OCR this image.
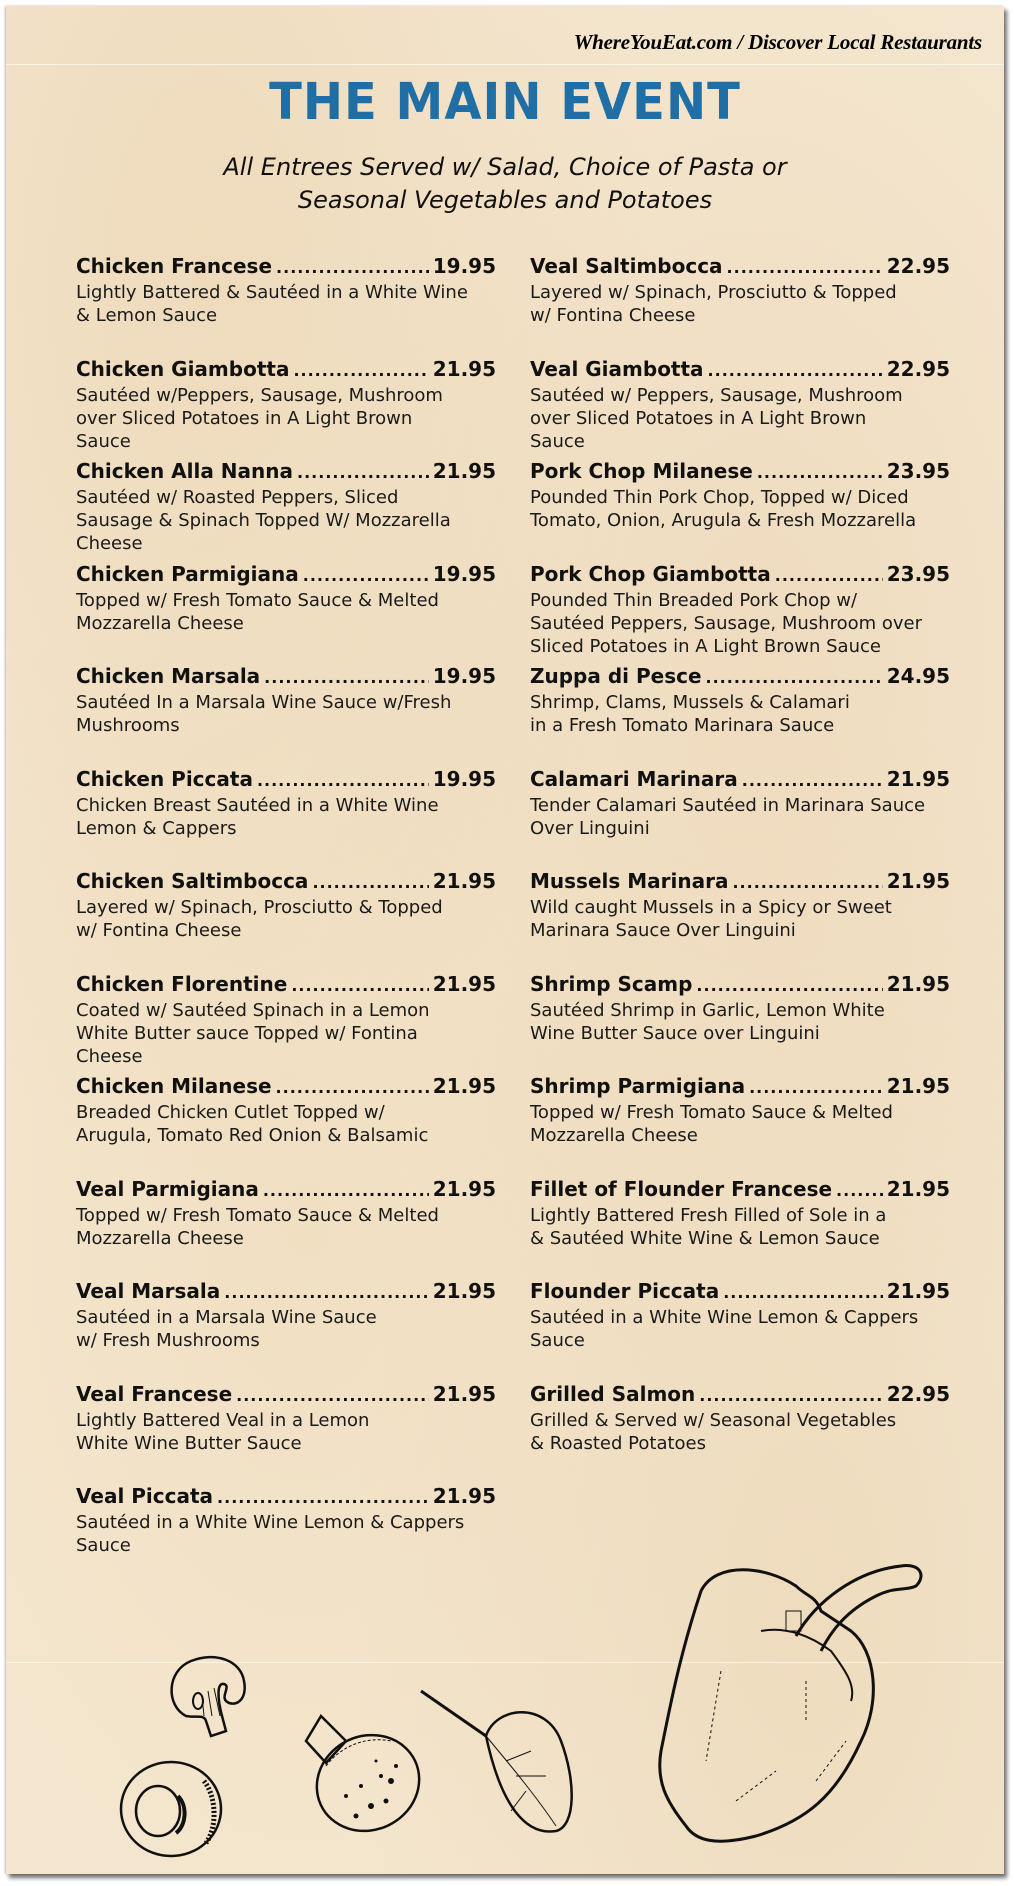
WhereYouEat.com / Discover Local Restaurants
THE MAIN EVENT
All Entrees Served w/ Salad, Choice of Pasta or
Seasonal Vegetables and Potatoes
Chicken Francese .....	19.95
Lightly Battered & Sautéed in a White Wine
& Lemon Sauce
Chicken Giambotta .....	21.95
Sautéed w/Peppers, Sausage, Mushroom
over Sliced Potatoes in A Light Brown
Sauce
Chicken Alla Nanna .....	21.95
Sautéed w/ Roasted Peppers, Sliced
Sausage & Spinach Topped W/ Mozzarella
Cheese
Chicken Parmigiana .....	19.95
Topped w/ Fresh Tomato Sauce & Melted
Mozzarella Cheese
Chicken Marsala .....	19.95
Sautéed In a Marsala Wine Sauce w/Fresh
Mushrooms
Chicken Piccata .....	19.95
Chicken Breast Sautéed in a White Wine
Lemon & Cappers
Chicken Saltimbocca .....	21.95
Layered w/ Spinach, Prosciutto & Topped
w/ Fontina Cheese
Chicken Florentine .....	21.95
Coated w/ Sautéed Spinach in a Lemon
White Butter sauce Topped w/ Fontina
Cheese
Chicken Milanese .....	21.95
Breaded Chicken Cutlet Topped w/
Arugula, Tomato Red Onion & Balsamic
Veal Parmigiana .....	21.95
Topped w/ Fresh Tomato Sauce & Melted
Mozzarella Cheese
Veal Marsala .....	21.95
Sautéed in a Marsala Wine Sauce
w/ Fresh Mushrooms
Veal Francese .....	21.95
Lightly Battered Veal in a Lemon
White Wine Butter Sauce
Veal Piccata .....	21.95
Sautéed in a White Wine Lemon & Cappers
Sauce
Veal Saltimbocca .....	22.95
Layered w/ Spinach, Prosciutto & Topped
w/ Fontina Cheese
Veal Giambotta .....	22.95
Sautéed w/ Peppers, Sausage, Mushroom
over Sliced Potatoes in A Light Brown
Sauce
Pork Chop Milanese .....	23.95
Pounded Thin Pork Chop, Topped w/ Diced
Tomato, Onion, Arugula & Fresh Mozzarella
Pork Chop Giambotta .....	23.95
Pounded Thin Breaded Pork Chop w/
Sautéed Peppers, Sausage, Mushroom over
Sliced Potatoes in A Light Brown Sauce
Zuppa di Pesce .....	24.95
Shrimp, Clams, Mussels & Calamari
in a Fresh Tomato Marinara Sauce
Calamari Marinara .....	21.95
Tender Calamari Sautéed in Marinara Sauce
Over Linguini
Mussels Marinara .....	21.95
Wild caught Mussels in a Spicy or Sweet
Marinara Sauce Over Linguini
Shrimp Scamp .....	21.95
Sautéed Shrimp in Garlic, Lemon White
Wine Butter Sauce over Linguini
Shrimp Parmigiana .....	21.95
Topped w/ Fresh Tomato Sauce & Melted
Mozzarella Cheese
Fillet of Flounder Francese .....	21.95
Lightly Battered Fresh Filled of Sole in a
& Sautéed White Wine & Lemon Sauce
Flounder Piccata .....	21.95
Sautéed in a White Wine Lemon & Cappers
Sauce
Grilled Salmon .....	22.95
Grilled & Served w/ Seasonal Vegetables
& Roasted Potatoes
